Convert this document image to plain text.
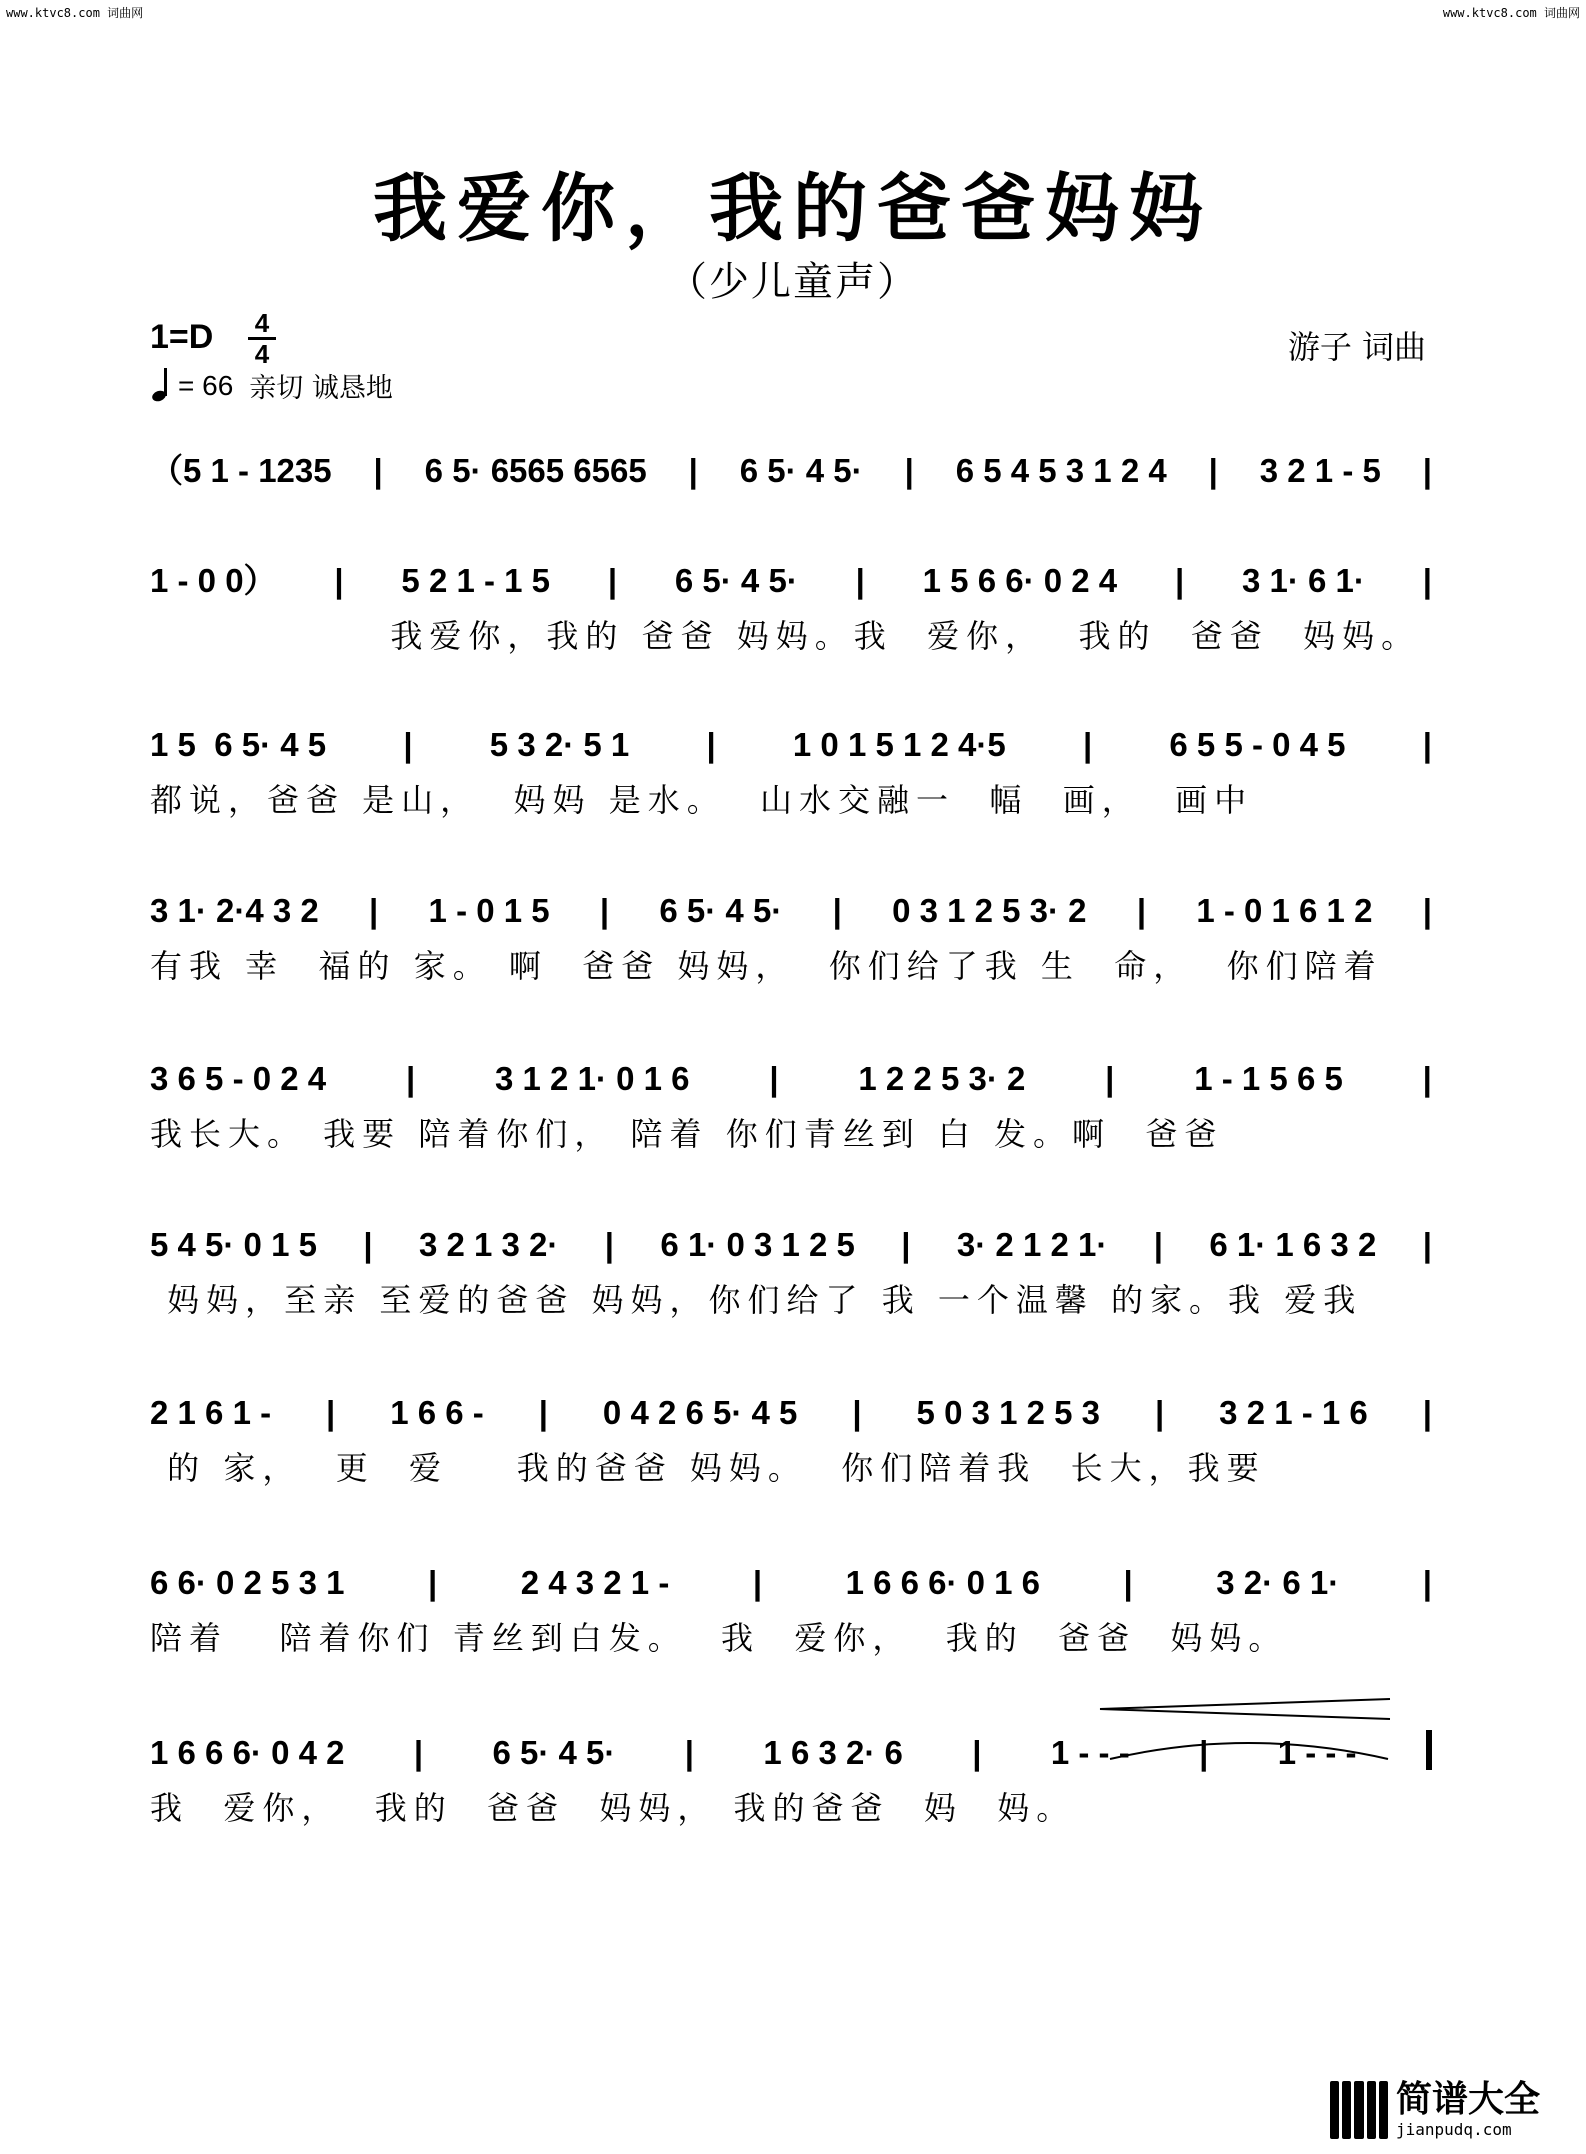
www.ktvc8.com 词曲网	www.ktvc8.com 词曲网
我爱你，我的爸爸妈妈
（少儿童声）
1=D 4
4
= 66 亲切 诚恳地
游子 词曲
（5 1 - 1235 | 6 5· 6565 6565 | 6 5· 4 5· | 6 5 4 5 3 1 2 4 | 3 2 1 - 5 |
1 - 0 0） | 5 2 1 - 1 5 | 6 5· 4 5· | 1 5 6 6· 0 2 4 | 3 1· 6 1· |
我爱你，我的 爸爸 妈妈。我  爱你，  我的  爸爸  妈妈。
1 5  6 5· 4 5 | 5 3 2· 5 1 | 1 0 1 5 1 2 4·5 | 6 5 5 - 0 4 5 |
都说，爸爸 是山，  妈妈 是水。  山水交融一  幅  画，  画中
3 1· 2·4 3 2 | 1 - 0 1 5 | 6 5· 4 5· | 0 3 1 2 5 3· 2 | 1 - 0 1 6 1 2 |
有我 幸  福的 家。 啊  爸爸 妈妈，  你们给了我 生  命，  你们陪着
3 6 5 - 0 2 4 | 3 1 2 1· 0 1 6 | 1 2 2 5 3· 2 | 1 - 1 5 6 5 |
我长大。 我要 陪着你们， 陪着 你们青丝到 白 发。啊  爸爸
5 4 5· 0 1 5 | 3 2 1 3 2· | 6 1· 0 3 1 2 5 | 3· 2 1 2 1· | 6 1· 1 6 3 2 |
妈妈，至亲 至爱的爸爸 妈妈，你们给了 我 一个温馨 的家。我 爱我
2 1 6 1 - | 1 6 6 - | 0 4 2 6 5· 4 5 | 5 0 3 1 2 5 3 | 3 2 1 - 1 6 |
的 家，  更  爱    我的爸爸 妈妈。  你们陪着我  长大，我要
6 6· 0 2 5 3 1	|	2 4 3 2 1 -	|	1 6 6 6· 0 1 6	|	3 2· 6 1·	|
陪着   陪着你们 青丝到白发。  我  爱你，  我的  爸爸  妈妈。
1 6 6 6· 0 4 2 | 6 5· 4 5· | 1 6 3 2· 6 | 1 - - - | 1 - - -
我  爱你，  我的  爸爸  妈妈， 我的爸爸  妈  妈。
简谱大全
jianpudq.com
